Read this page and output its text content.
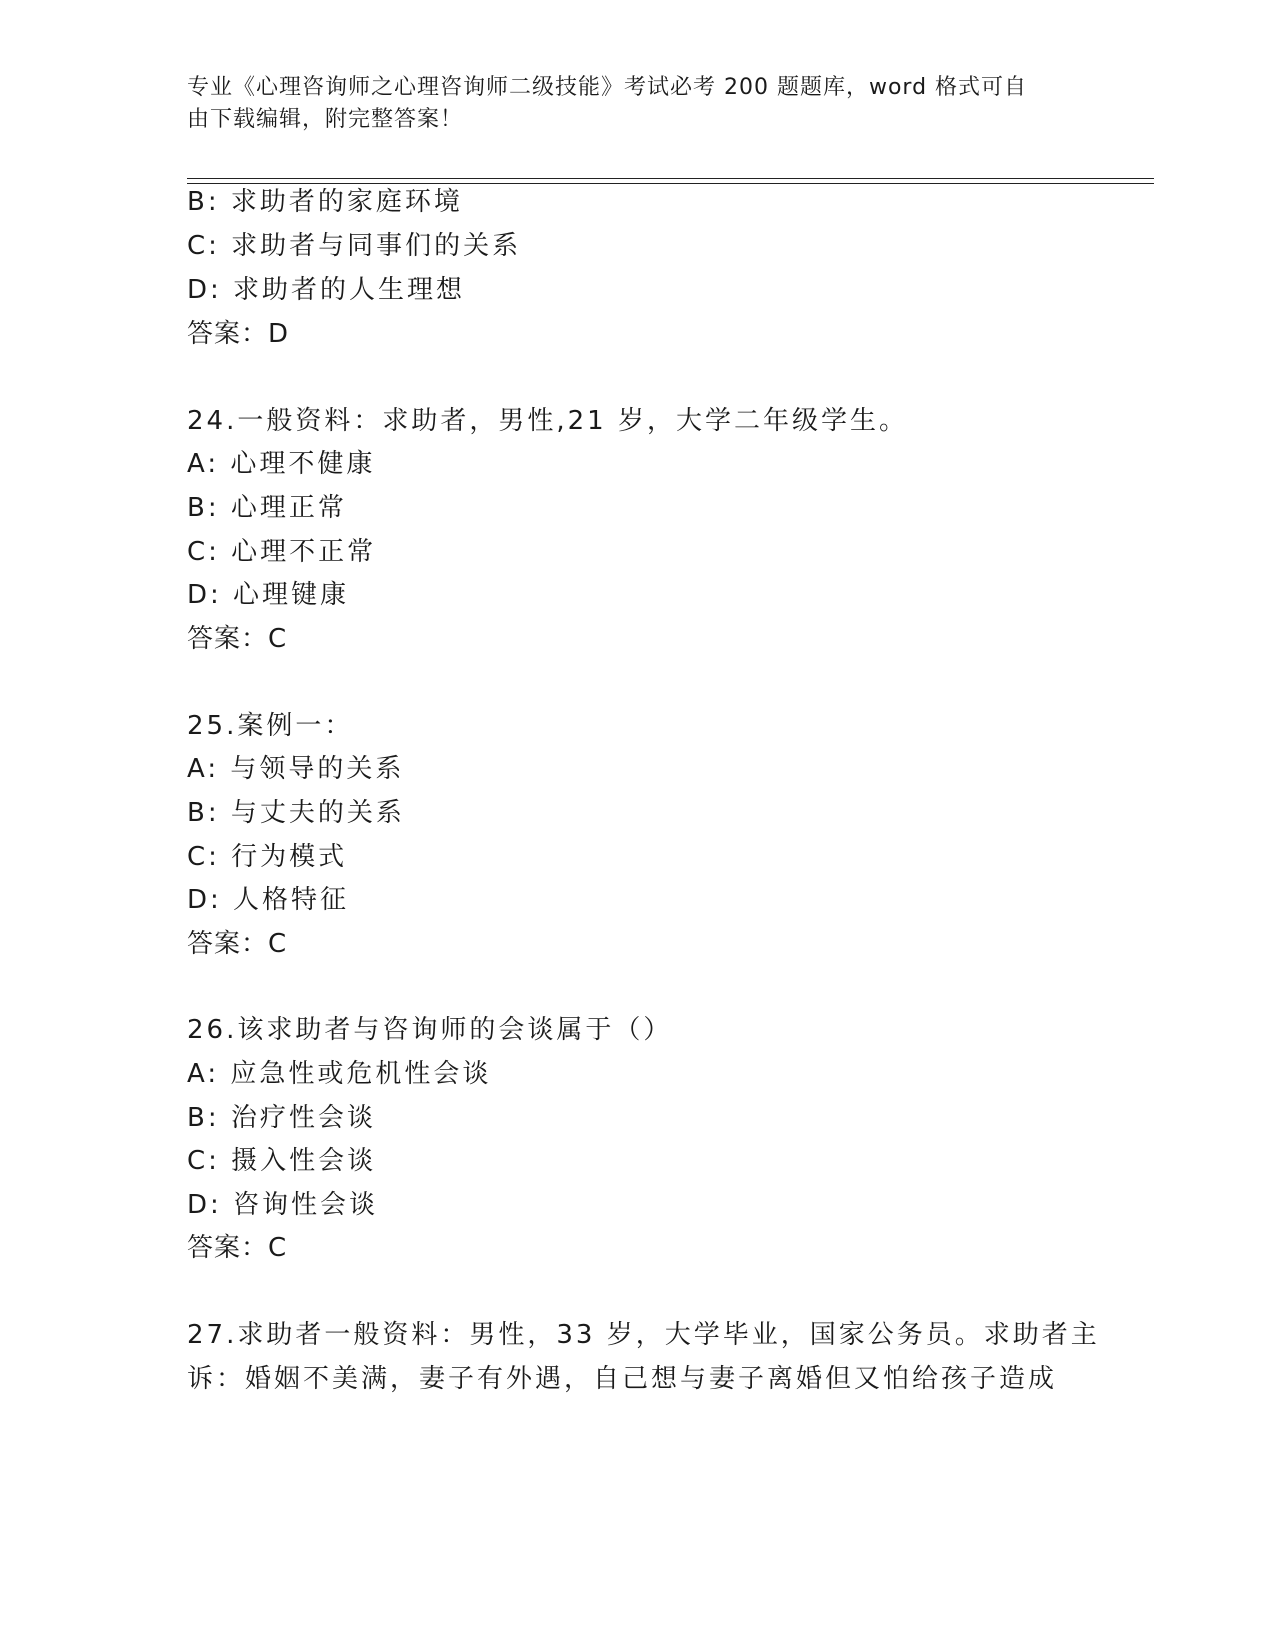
专业《心理咨询师之心理咨询师二级技能》考试必考 200 题题库，word 格式可自
由下载编辑，附完整答案！
B: 求助者的家庭环境
C: 求助者与同事们的关系
D: 求助者的人生理想
答案：D
24.一般资料：求助者，男性,21 岁，大学二年级学生。
A: 心理不健康
B: 心理正常
C: 心理不正常
D: 心理键康
答案：C
25.案例一：
A: 与领导的关系
B: 与丈夫的关系
C: 行为模式
D: 人格特征
答案：C
26.该求助者与咨询师的会谈属于（）
A: 应急性或危机性会谈
B: 治疗性会谈
C: 摄入性会谈
D: 咨询性会谈
答案：C
27.求助者一般资料：男性，33 岁，大学毕业，国家公务员。求助者主
诉：婚姻不美满，妻子有外遇，自己想与妻子离婚但又怕给孩子造成
